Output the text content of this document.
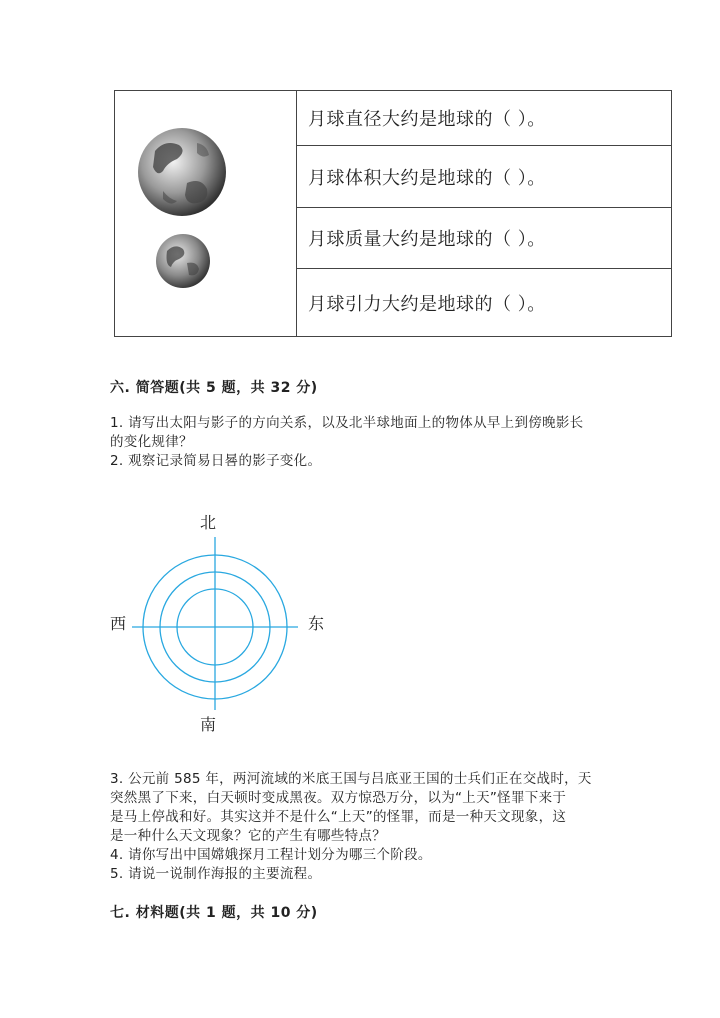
月球直径大约是地球的（ ）。
月球体积大约是地球的（ ）。
月球质量大约是地球的（ ）。
月球引力大约是地球的（ ）。
六. 简答题(共 5 题，共 32 分)
1. 请写出太阳与影子的方向关系，以及北半球地面上的物体从早上到傍晚影长
的变化规律？
2. 观察记录简易日晷的影子变化。
北
西	东
南
3. 公元前 585 年，两河流域的米底王国与吕底亚王国的士兵们正在交战时，天
突然黑了下来，白天顿时变成黑夜。双方惊恐万分，以为“上天”怪罪下来于
是马上停战和好。其实这并不是什么“上天”的怪罪，而是一种天文现象，这
是一种什么天文现象？它的产生有哪些特点？
4. 请你写出中国嫦娥探月工程计划分为哪三个阶段。
5. 请说一说制作海报的主要流程。
七. 材料题(共 1 题，共 10 分)
